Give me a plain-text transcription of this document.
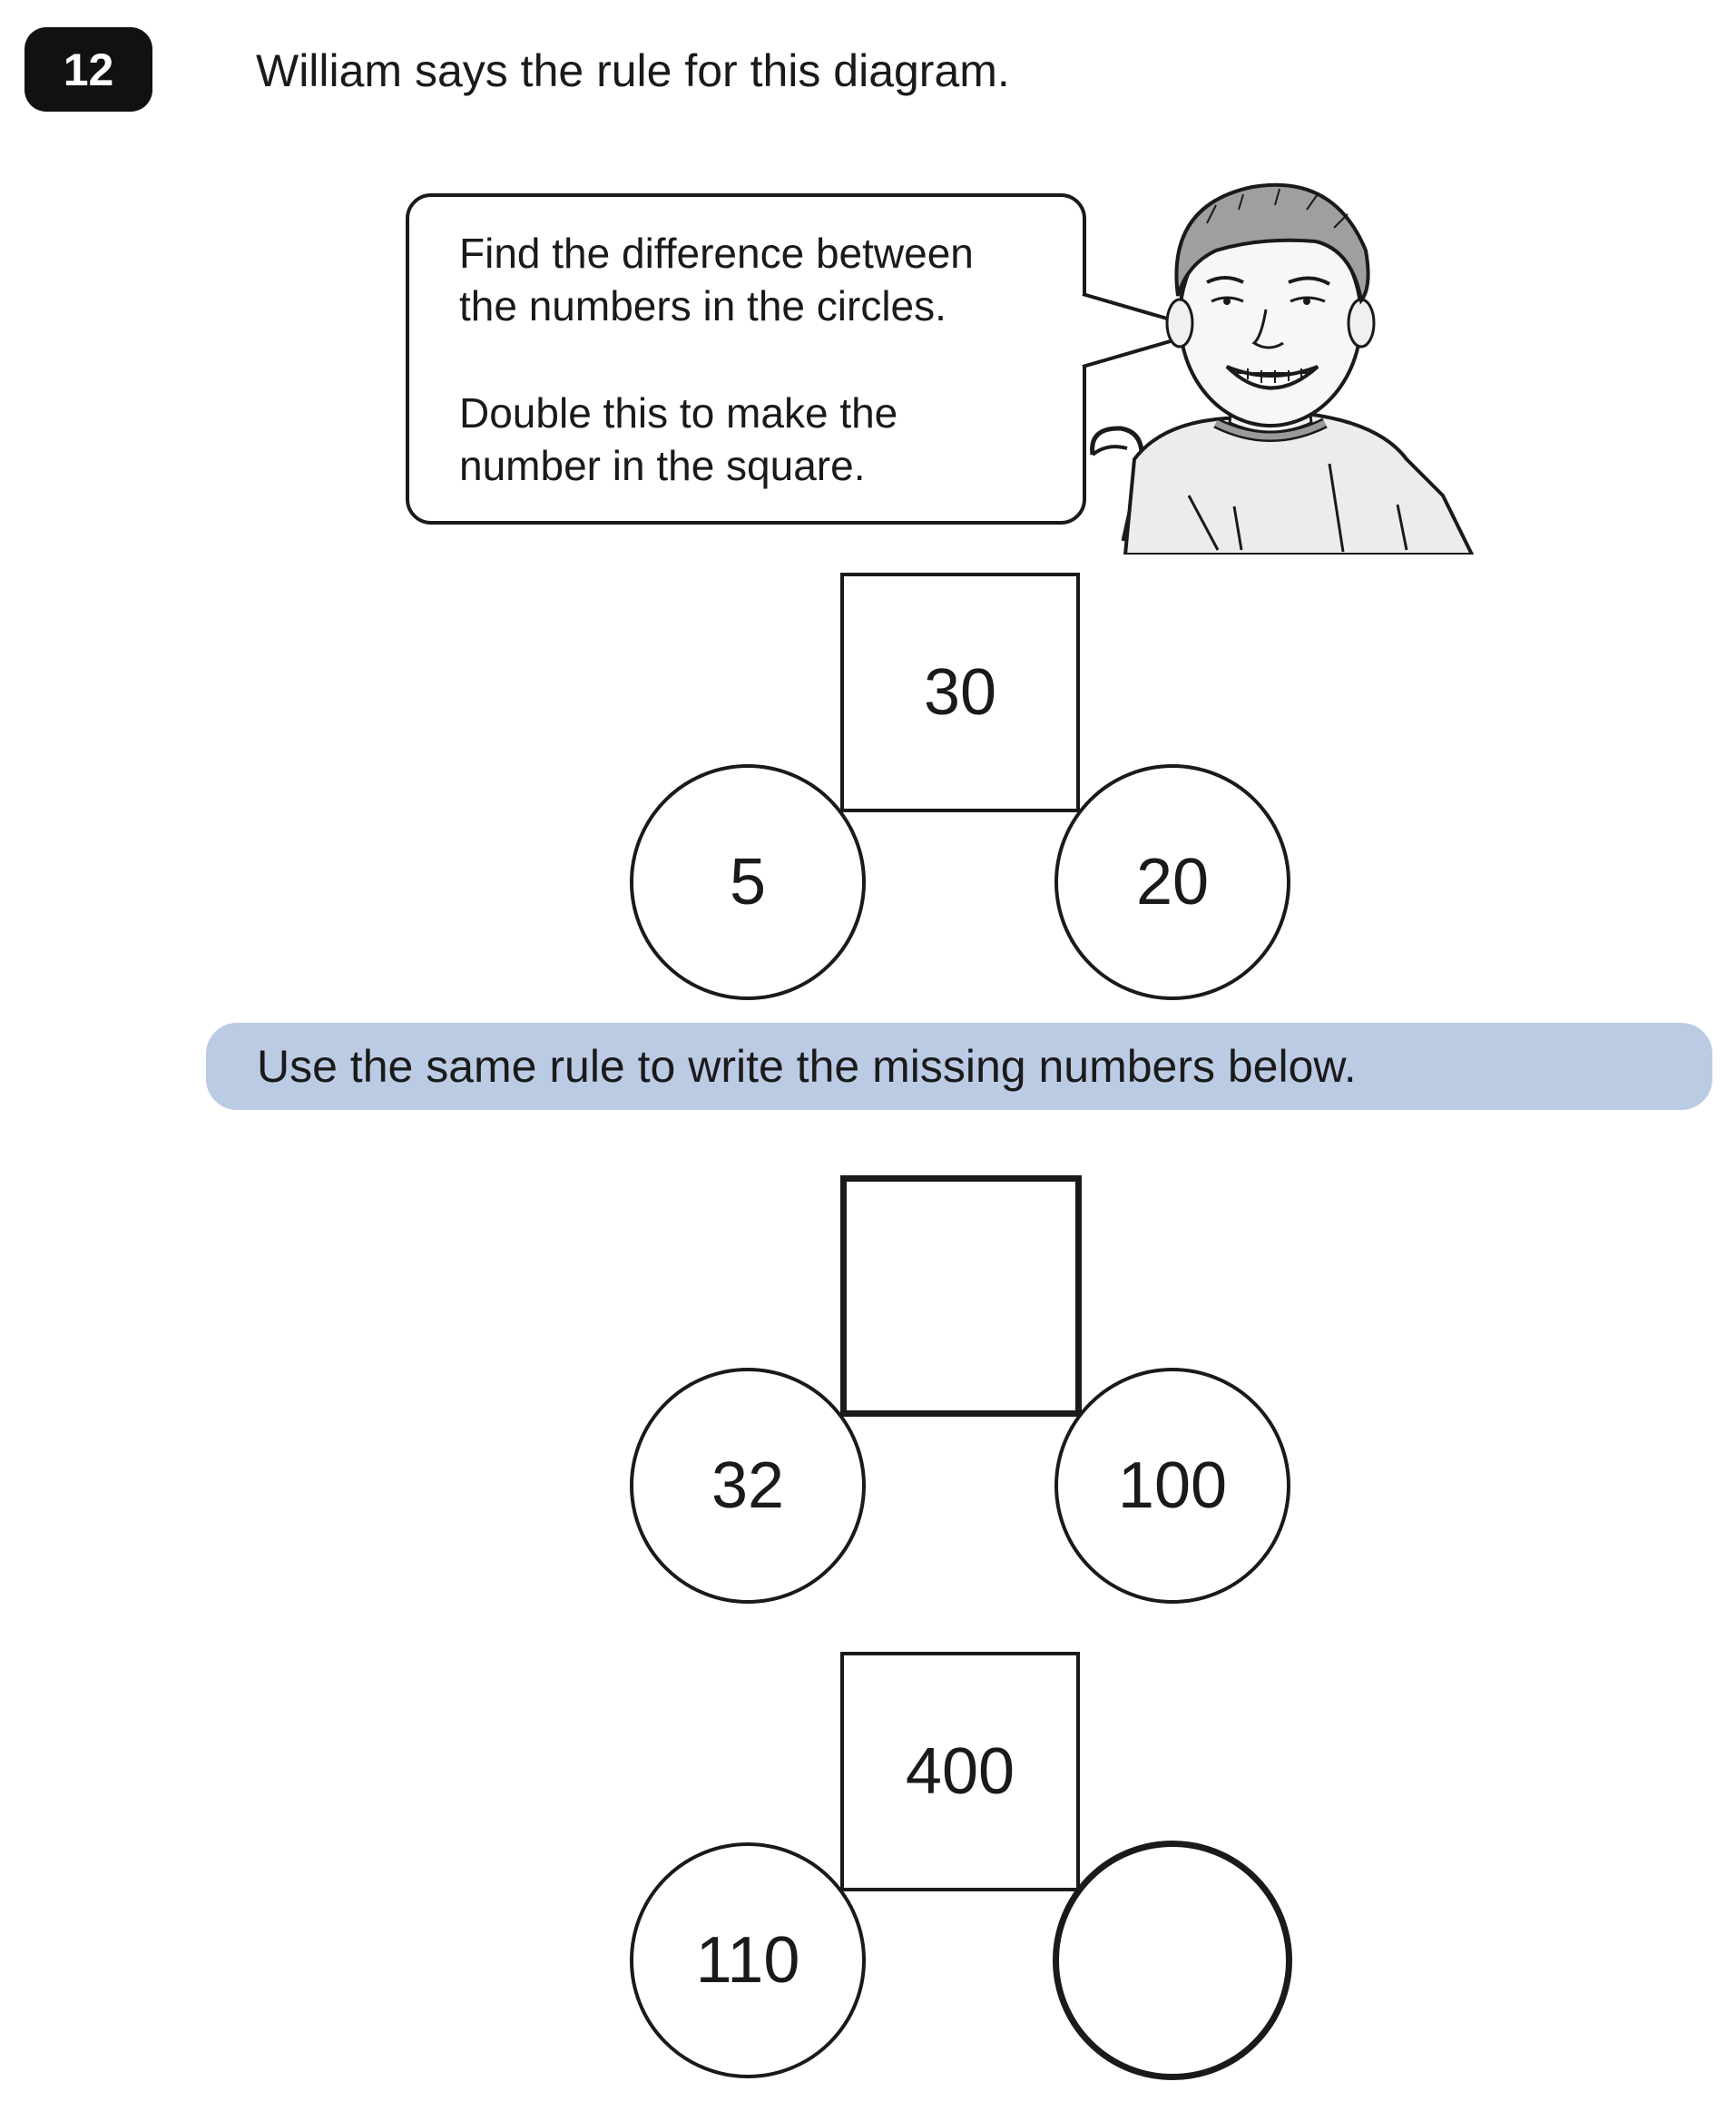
12	William says the rule for this diagram.
Find the difference between
the numbers in the circles.
Double this to make the
number in the square.
30
5	20
Use the same rule to write the missing numbers below.
32	100
400
110
